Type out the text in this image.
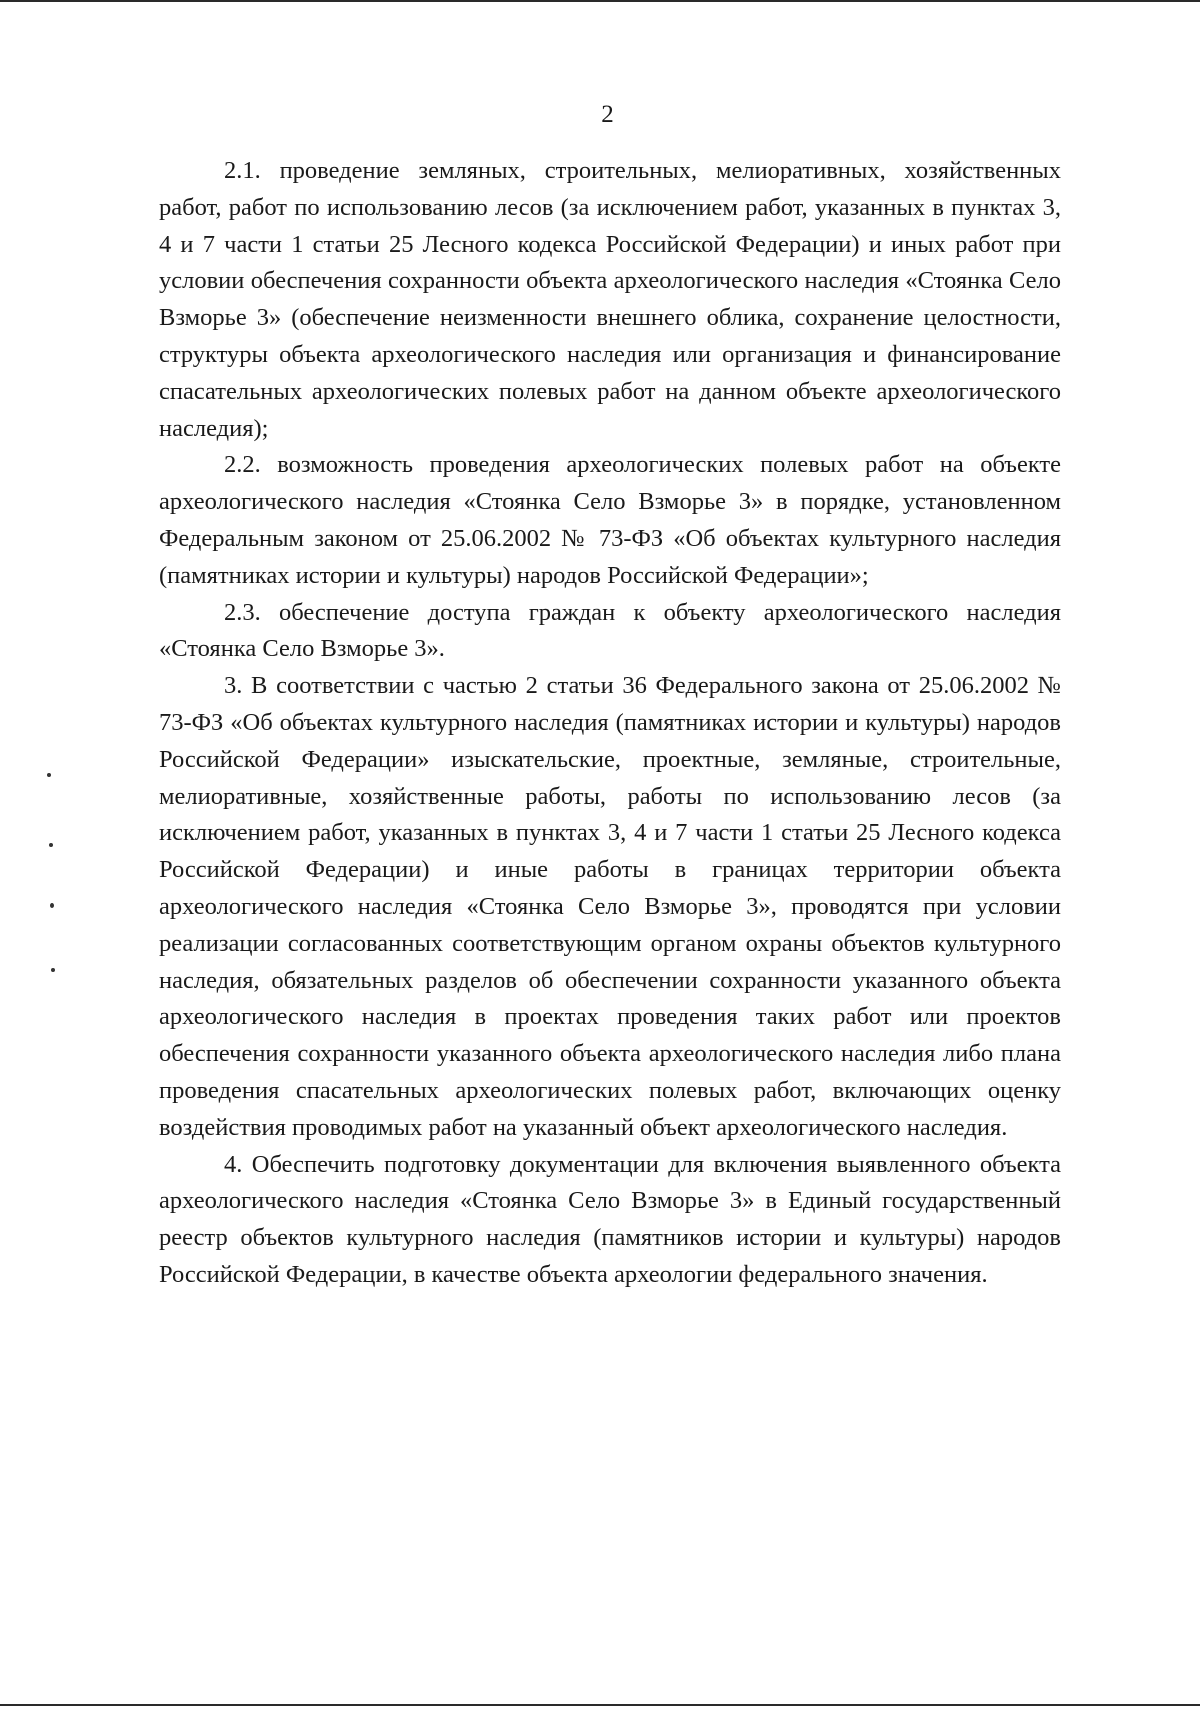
2

2.1. проведение земляных, строительных, мелиоративных, хозяйственных работ, работ по использованию лесов (за исключением работ, указанных в пунктах 3, 4 и 7 части 1 статьи 25 Лесного кодекса Российской Федерации) и иных работ при условии обеспечения сохранности объекта археологического наследия «Стоянка Село Взморье 3» (обеспечение неизменности внешнего облика, сохранение целостности, структуры объекта археологического наследия или организация и финансирование спасательных археологических полевых работ на данном объекте археологического наследия);

2.2. возможность проведения археологических полевых работ на объекте археологического наследия «Стоянка Село Взморье 3» в порядке, установленном Федеральным законом от 25.06.2002 № 73-ФЗ «Об объектах культурного наследия (памятниках истории и культуры) народов Российской Федерации»;

2.3. обеспечение доступа граждан к объекту археологического наследия «Стоянка Село Взморье 3».

3. В соответствии с частью 2 статьи 36 Федерального закона от 25.06.2002 № 73-ФЗ «Об объектах культурного наследия (памятниках истории и культуры) народов Российской Федерации» изыскательские, проектные, земляные, строительные, мелиоративные, хозяйственные работы, работы по использованию лесов (за исключением работ, указанных в пунктах 3, 4 и 7 части 1 статьи 25 Лесного кодекса Российской Федерации) и иные работы в границах территории объекта археологического наследия «Стоянка Село Взморье 3», проводятся при условии реализации согласованных соответствующим органом охраны объектов культурного наследия, обязательных разделов об обеспечении сохранности указанного объекта археологического наследия в проектах проведения таких работ или проектов обеспечения сохранности указанного объекта археологического наследия либо плана проведения спасательных археологических полевых работ, включающих оценку воздействия проводимых работ на указанный объект археологического наследия.

4. Обеспечить подготовку документации для включения выявленного объекта археологического наследия «Стоянка Село Взморье 3» в Единый государственный реестр объектов культурного наследия (памятников истории и культуры) народов Российской Федерации, в качестве объекта археологии федерального значения.
